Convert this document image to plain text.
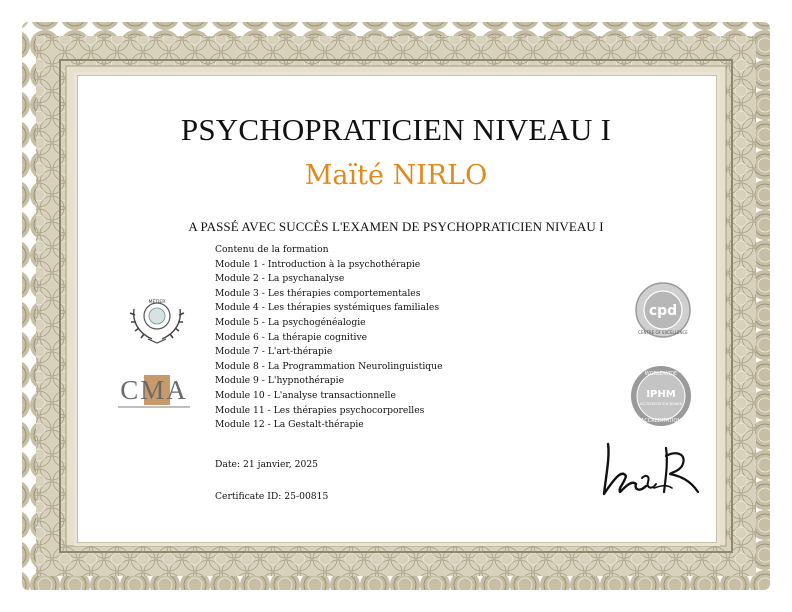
PSYCHOPRATICIEN NIVEAU I
Maïté NIRLO
A PASSÉ AVEC SUCCÈS L'EXAMEN DE PSYCHOPRATICIEN NIVEAU I
Contenu de la formation
Module 1 - Introduction à la psychothérapie
Module 2 - La psychanalyse
Module 3 - Les thérapies comportementales
Module 4 - Les thérapies systémiques familiales
Module 5 - La psychogénéalogie
Module 6 - La thérapie cognitive
Module 7 - L'art-thérapie
Module 8 - La Programmation Neurolinguistique
Module 9 - L'hypnothérapie
Module 10 - L'analyse transactionnelle
Module 11 - Les thérapies psychocorporelles
Module 12 - La Gestalt-thérapie
Date: 21 janvier, 2025
Certificate ID: 25-00815
MÉTIER
CMA
cpd
CENTRE OF EXCELLENCE
WORLDWIDE
IPHM
ACCREDITATION BOARD
ACCREDITATION
